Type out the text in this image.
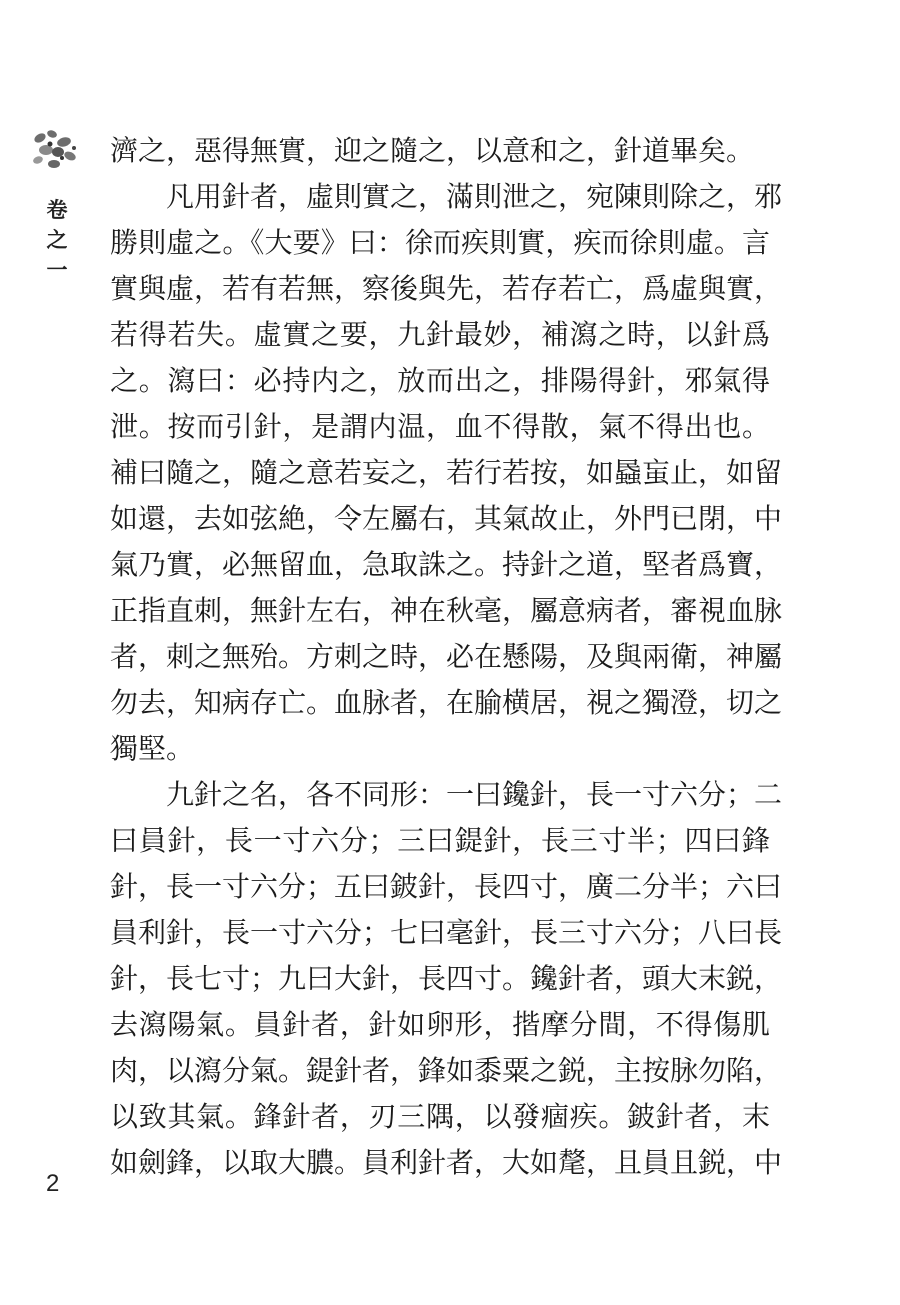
卷
之
一
2
濟之，惡得無實，迎之隨之，以意和之，針道畢矣。
　　凡用針者，虛則實之，滿則泄之，宛陳則除之，邪
勝則虛之。《大要》曰：徐而疾則實，疾而徐則虛。言
實與虛，若有若無，察後與先，若存若亡，爲虛與實，
若得若失。虛實之要，九針最妙，補瀉之時，以針爲
之。瀉曰：必持内之，放而出之，排陽得針，邪氣得
泄。按而引針，是謂内温，血不得散，氣不得出也。
補曰隨之，隨之意若妄之，若行若按，如蟁䖟止，如留
如還，去如弦絶，令左屬右，其氣故止，外門已閉，中
氣乃實，必無留血，急取誅之。持針之道，堅者爲寶，
正指直刺，無針左右，神在秋毫，屬意病者，審視血脉
者，刺之無殆。方刺之時，必在懸陽，及與兩衛，神屬
勿去，知病存亡。血脉者，在腧横居，視之獨澄，切之
獨堅。
　　九針之名，各不同形：一曰鑱針，長一寸六分；二
曰員針，長一寸六分；三曰鍉針，長三寸半；四曰鋒
針，長一寸六分；五曰鈹針，長四寸，廣二分半；六曰
員利針，長一寸六分；七曰毫針，長三寸六分；八曰長
針，長七寸；九曰大針，長四寸。鑱針者，頭大末鋭，
去瀉陽氣。員針者，針如卵形，揩摩分間，不得傷肌
肉，以瀉分氣。鍉針者，鋒如黍粟之鋭，主按脉勿陷，
以致其氣。鋒針者，刃三隅，以發痼疾。鈹針者，末
如劍鋒，以取大膿。員利針者，大如氂，且員且鋭，中
